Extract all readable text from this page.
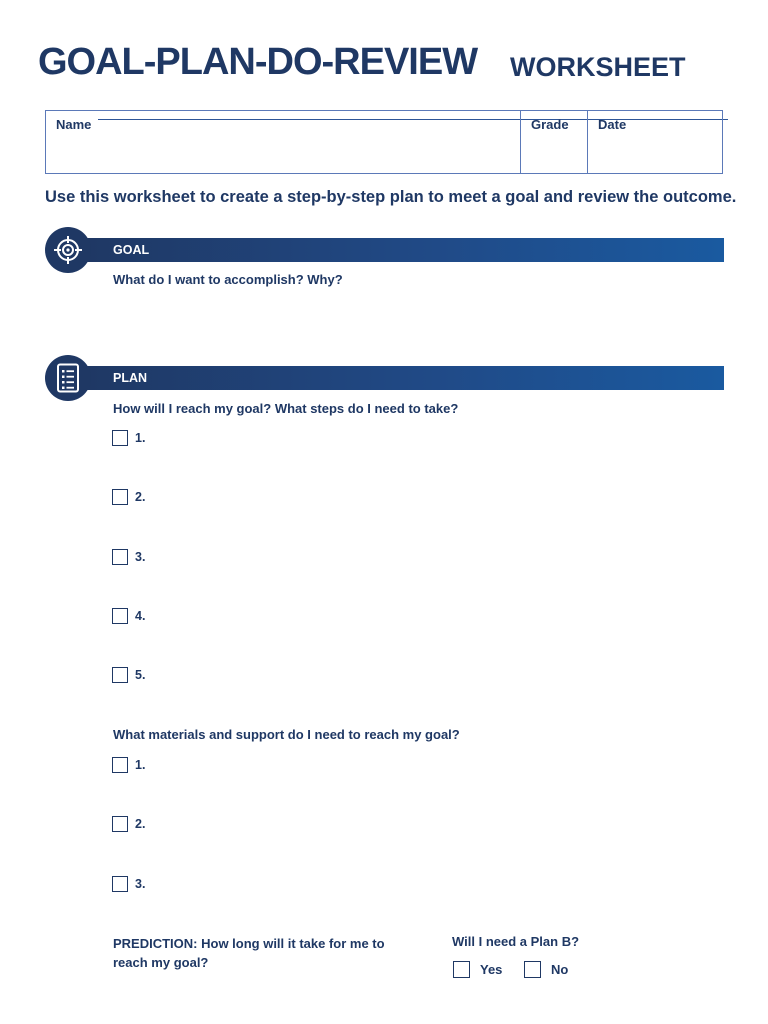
GOAL-PLAN-DO-REVIEW WORKSHEET
Name	Grade	Date
Use this worksheet to create a step-by-step plan to meet a goal and review the outcome.
GOAL
What do I want to accomplish? Why?
PLAN
How will I reach my goal? What steps do I need to take?
1.
2.
3.
4.
5.
What materials and support do I need to reach my goal?
1.
2.
3.
PREDICTION: How long will it take for me to reach my goal?
Will I need a Plan B?
Yes	No
